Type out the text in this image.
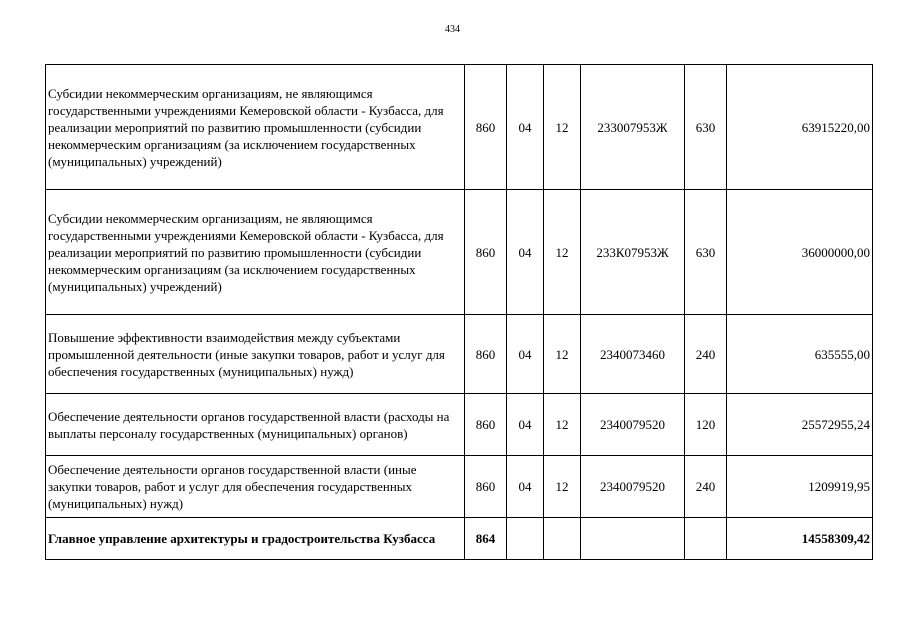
434
Субсидии некоммерческим организациям, не являющимся государственными учреждениями Кемеровской области - Кузбасса, для реализации мероприятий по развитию промышленности (субсидии некоммерческим организациям (за исключением государственных (муниципальных) учреждений)	860	04	12	233007953Ж	630	63915220,00
Субсидии некоммерческим организациям, не являющимся государственными учреждениями Кемеровской области - Кузбасса, для реализации мероприятий по развитию промышленности (субсидии некоммерческим организациям (за исключением государственных (муниципальных) учреждений)	860	04	12	233К07953Ж	630	36000000,00
Повышение эффективности взаимодействия между субъектами промышленной деятельности (иные закупки товаров, работ и услуг для обеспечения государственных (муниципальных) нужд)	860	04	12	2340073460	240	635555,00
Обеспечение деятельности органов государственной власти (расходы на выплаты персоналу государственных (муниципальных) органов)	860	04	12	2340079520	120	25572955,24
Обеспечение деятельности органов государственной власти (иные закупки товаров, работ и услуг для обеспечения государственных (муниципальных) нужд)	860	04	12	2340079520	240	1209919,95
Главное управление архитектуры и градостроительства Кузбасса	864					14558309,42
